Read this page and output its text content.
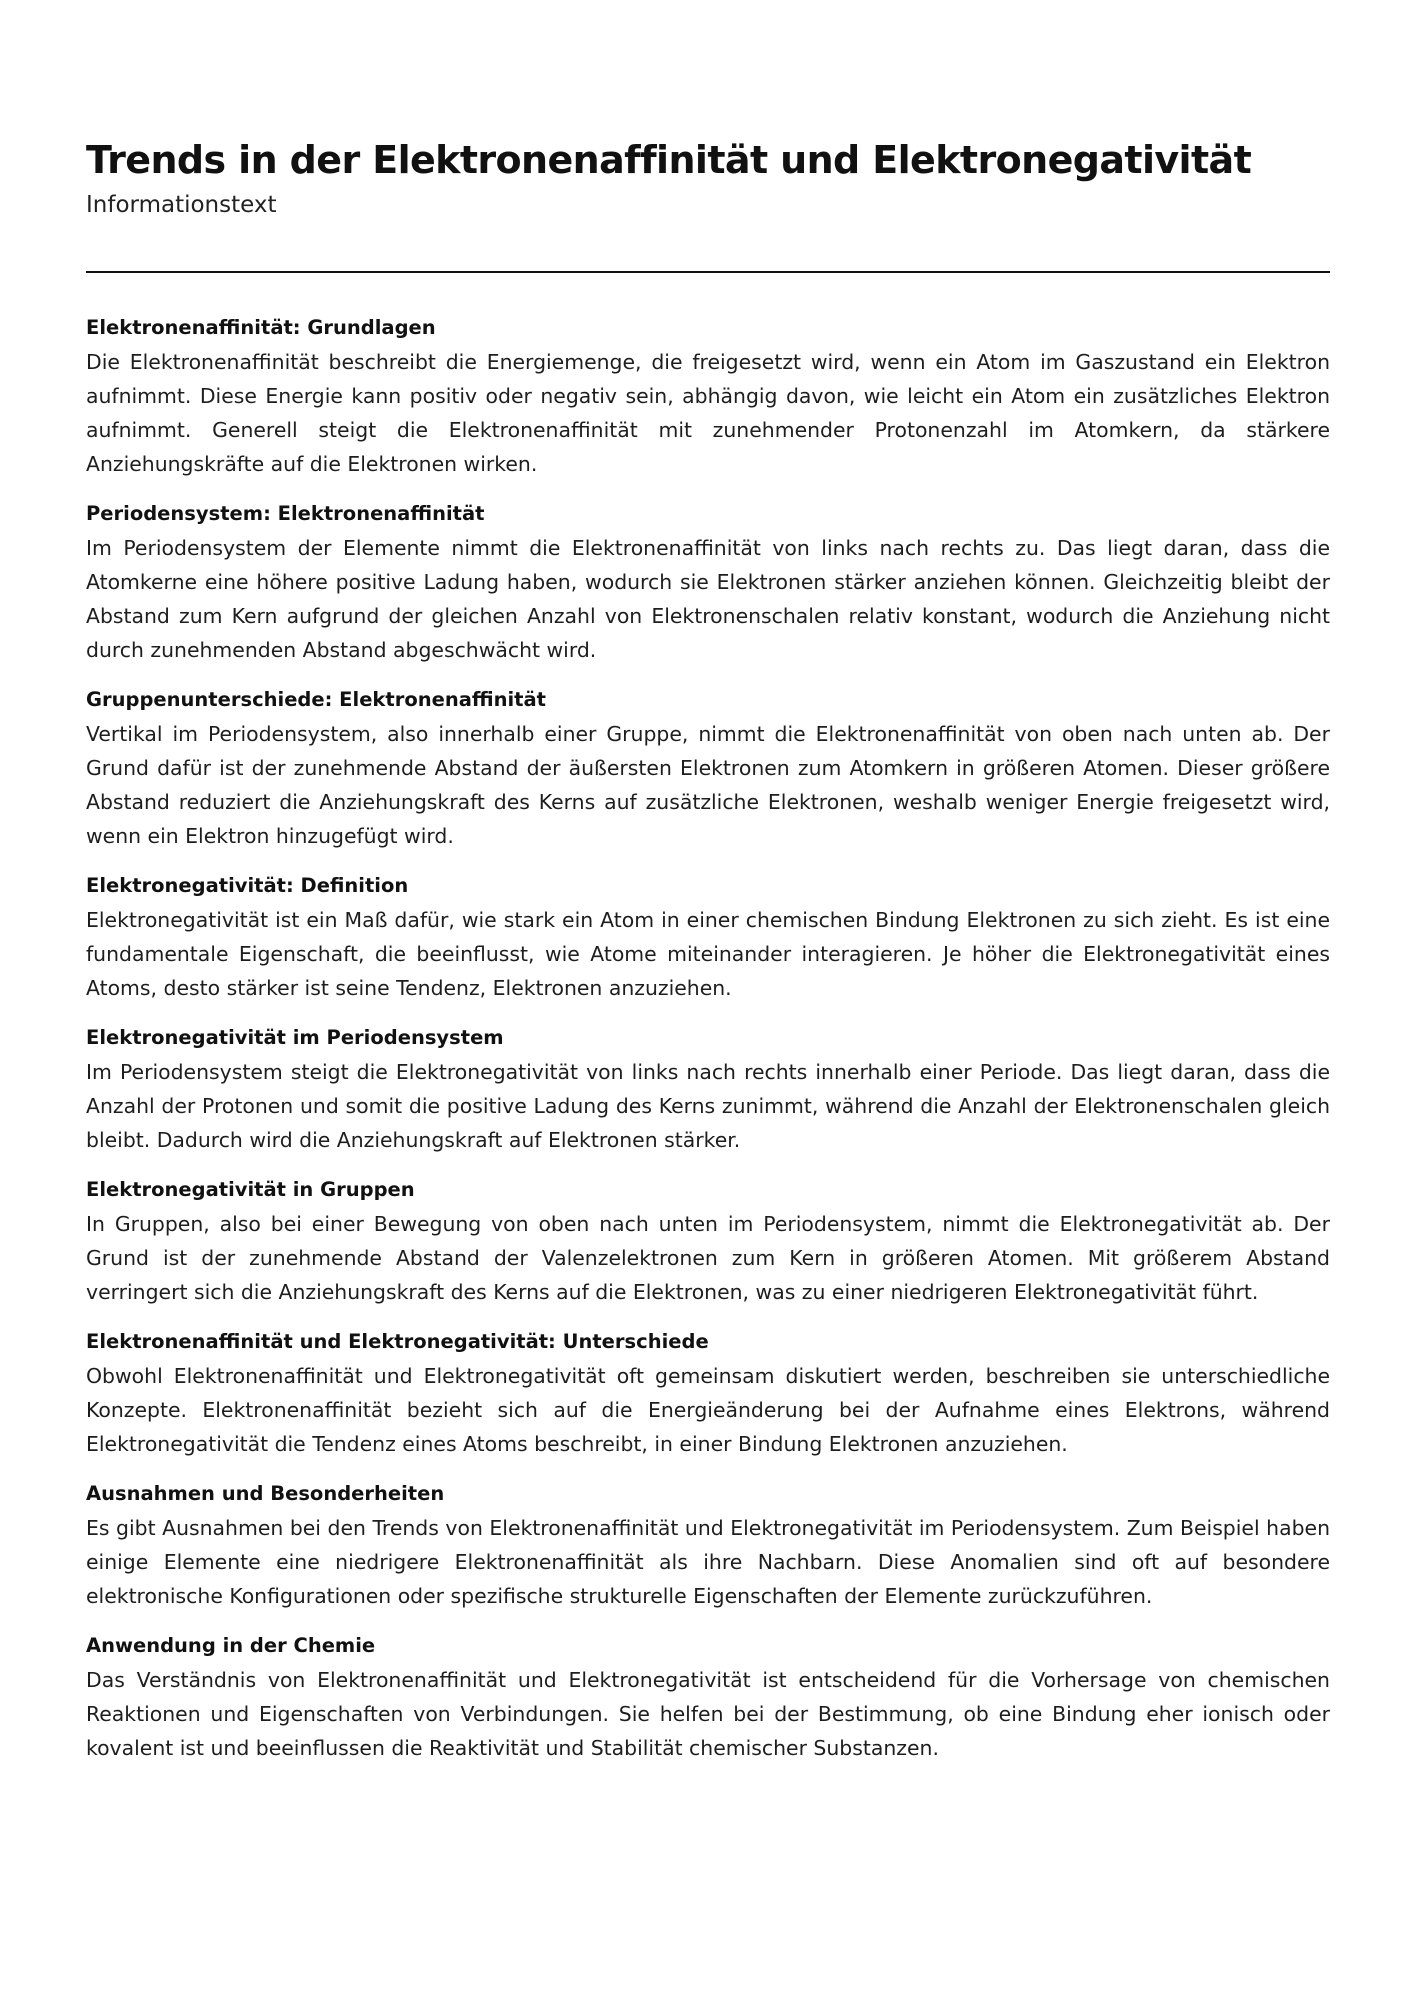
Trends in der Elektronenaffinität und Elektronegativität
Informationstext
Elektronenaffinität: Grundlagen

Die Elektronenaffinität beschreibt die Energiemenge, die freigesetzt wird, wenn ein Atom im Gaszustand ein Elektron aufnimmt. Diese Energie kann positiv oder negativ sein, abhängig davon, wie leicht ein Atom ein zusätzliches Elektron aufnimmt. Generell steigt die Elektronenaffinität mit zunehmender Protonenzahl im Atomkern, da stärkere Anziehungskräfte auf die Elektronen wirken.

Periodensystem: Elektronenaffinität

Im Periodensystem der Elemente nimmt die Elektronenaffinität von links nach rechts zu. Das liegt daran, dass die Atomkerne eine höhere positive Ladung haben, wodurch sie Elektronen stärker anziehen können. Gleichzeitig bleibt der Abstand zum Kern aufgrund der gleichen Anzahl von Elektronenschalen relativ konstant, wodurch die Anziehung nicht durch zunehmenden Abstand abgeschwächt wird.

Gruppenunterschiede: Elektronenaffinität

Vertikal im Periodensystem, also innerhalb einer Gruppe, nimmt die Elektronenaffinität von oben nach unten ab. Der Grund dafür ist der zunehmende Abstand der äußersten Elektronen zum Atomkern in größeren Atomen. Dieser größere Abstand reduziert die Anziehungskraft des Kerns auf zusätzliche Elektronen, weshalb weniger Energie freigesetzt wird, wenn ein Elektron hinzugefügt wird.

Elektronegativität: Definition

Elektronegativität ist ein Maß dafür, wie stark ein Atom in einer chemischen Bindung Elektronen zu sich zieht. Es ist eine fundamentale Eigenschaft, die beeinflusst, wie Atome miteinander interagieren. Je höher die Elektronegativität eines Atoms, desto stärker ist seine Tendenz, Elektronen anzuziehen.

Elektronegativität im Periodensystem

Im Periodensystem steigt die Elektronegativität von links nach rechts innerhalb einer Periode. Das liegt daran, dass die Anzahl der Protonen und somit die positive Ladung des Kerns zunimmt, während die Anzahl der Elektronenschalen gleich bleibt. Dadurch wird die Anziehungskraft auf Elektronen stärker.

Elektronegativität in Gruppen

In Gruppen, also bei einer Bewegung von oben nach unten im Periodensystem, nimmt die Elektronegativität ab. Der Grund ist der zunehmende Abstand der Valenzelektronen zum Kern in größeren Atomen. Mit größerem Abstand verringert sich die Anziehungskraft des Kerns auf die Elektronen, was zu einer niedrigeren Elektronegativität führt.

Elektronenaffinität und Elektronegativität: Unterschiede

Obwohl Elektronenaffinität und Elektronegativität oft gemeinsam diskutiert werden, beschreiben sie unterschiedliche Konzepte. Elektronenaffinität bezieht sich auf die Energieänderung bei der Aufnahme eines Elektrons, während Elektronegativität die Tendenz eines Atoms beschreibt, in einer Bindung Elektronen anzuziehen.

Ausnahmen und Besonderheiten

Es gibt Ausnahmen bei den Trends von Elektronenaffinität und Elektronegativität im Periodensystem. Zum Beispiel haben einige Elemente eine niedrigere Elektronenaffinität als ihre Nachbarn. Diese Anomalien sind oft auf besondere elektronische Konfigurationen oder spezifische strukturelle Eigenschaften der Elemente zurückzuführen.

Anwendung in der Chemie

Das Verständnis von Elektronenaffinität und Elektronegativität ist entscheidend für die Vorhersage von chemischen Reaktionen und Eigenschaften von Verbindungen. Sie helfen bei der Bestimmung, ob eine Bindung eher ionisch oder kovalent ist und beeinflussen die Reaktivität und Stabilität chemischer Substanzen.
